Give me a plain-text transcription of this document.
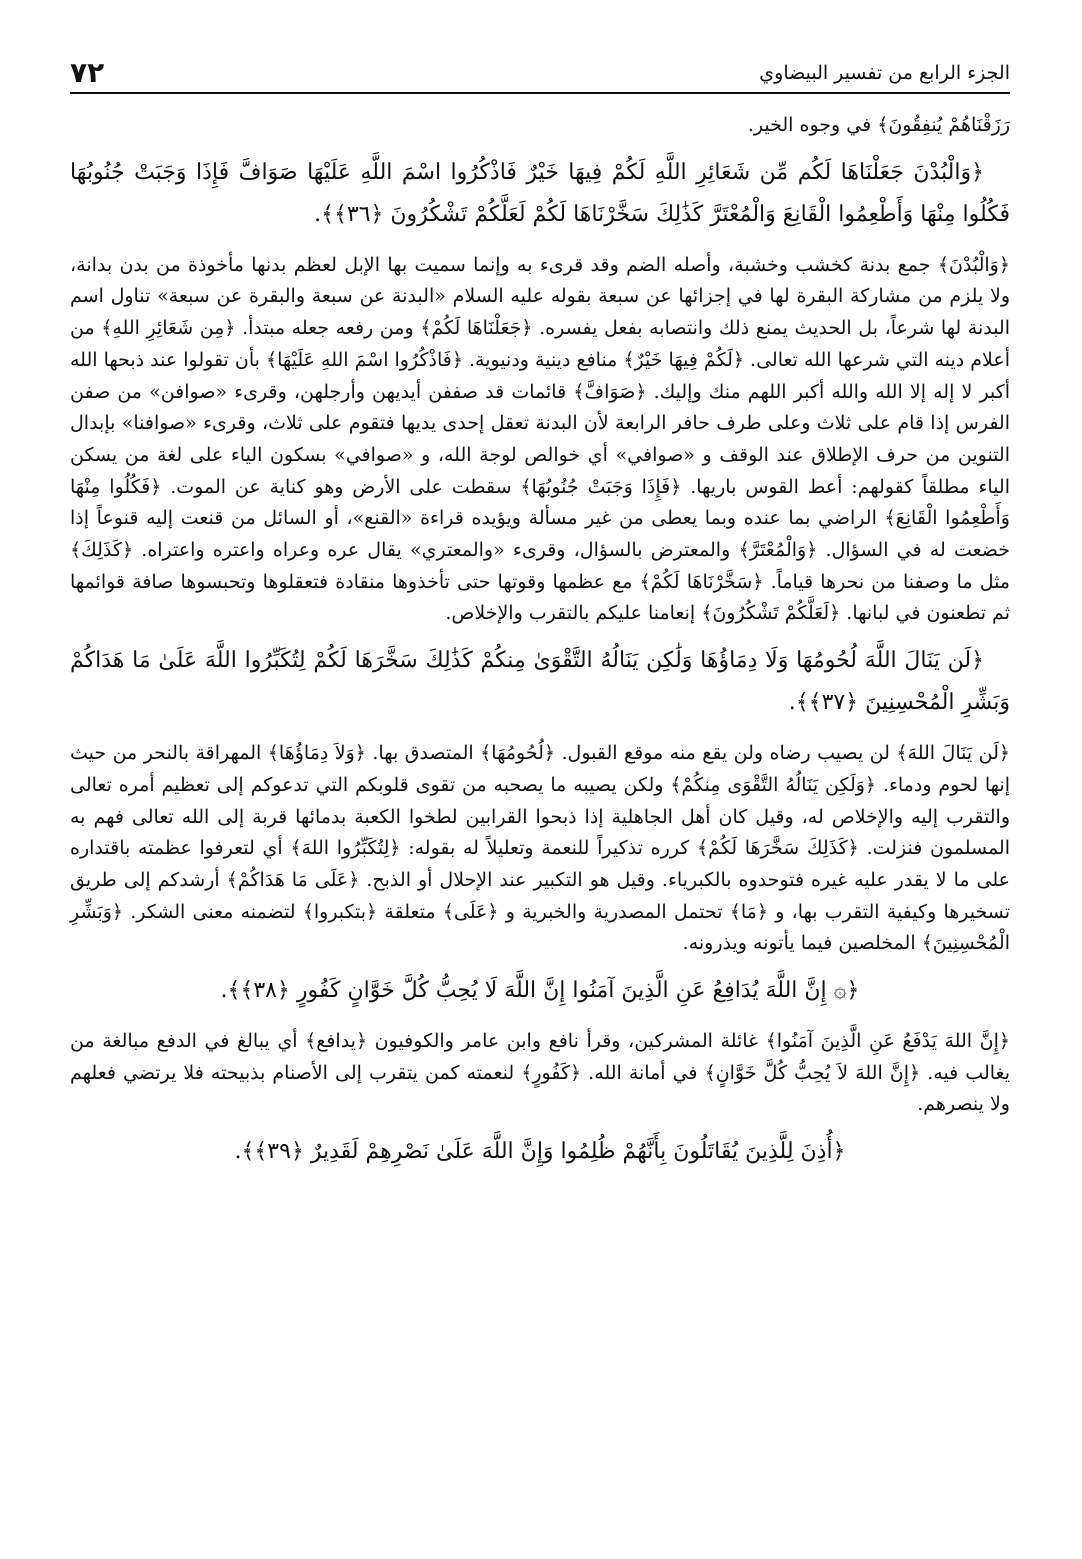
الجزء الرابع من تفسير البيضاوي
٧٢

رَزَقْنَاهُمْ يُنفِقُونَ﴾ في وجوه الخير.

﴿وَالْبُدْنَ جَعَلْنَاهَا لَكُم مِّن شَعَائِرِ اللَّهِ لَكُمْ فِيهَا خَيْرٌ فَاذْكُرُوا اسْمَ اللَّهِ عَلَيْهَا صَوَافَّ فَإِذَا وَجَبَتْ جُنُوبُهَا فَكُلُوا مِنْهَا وَأَطْعِمُوا الْقَانِعَ وَالْمُعْتَرَّ كَذَٰلِكَ سَخَّرْنَاهَا لَكُمْ لَعَلَّكُمْ تَشْكُرُونَ ﴿٣٦﴾﴾.

﴿وَالْبُدْنَ﴾ جمع بدنة كخشب وخشبة، وأصله الضم وقد قرىء به وإنما سميت بها الإبل لعظم بدنها مأخوذة من بدن بدانة، ولا يلزم من مشاركة البقرة لها في إجزائها عن سبعة بقوله عليه السلام «البدنة عن سبعة والبقرة عن سبعة» تناول اسم البدنة لها شرعاً، بل الحديث يمنع ذلك وانتصابه بفعل يفسره. ﴿جَعَلْنَاهَا لَكُمْ﴾ ومن رفعه جعله مبتدأ. ﴿مِن شَعَائِرِ اللهِ﴾ من أعلام دينه التي شرعها الله تعالى. ﴿لَكُمْ فِيهَا خَيْرٌ﴾ منافع دينية ودنيوية. ﴿فَاذْكُرُوا اسْمَ اللهِ عَلَيْهَا﴾ بأن تقولوا عند ذبحها الله أكبر لا إله إلا الله والله أكبر اللهم منك وإليك. ﴿صَوَافَّ﴾ قائمات قد صففن أيديهن وأرجلهن، وقرىء «صوافن» من صفن الفرس إذا قام على ثلاث وعلى طرف حافر الرابعة لأن البدنة تعقل إحدى يديها فتقوم على ثلاث، وقرىء «صوافنا» بإبدال التنوين من حرف الإطلاق عند الوقف و «صوافي» أي خوالص لوجة الله، و «صوافي» بسكون الياء على لغة من يسكن الياء مطلقاً كقولهم: أعط القوس باريها. ﴿فَإِذَا وَجَبَتْ جُنُوبُهَا﴾ سقطت على الأرض وهو كناية عن الموت. ﴿فَكُلُوا مِنْهَا وَأَطْعِمُوا الْقَانِعَ﴾ الراضي بما عنده وبما يعطى من غير مسألة ويؤيده قراءة «القنع»، أو السائل من قنعت إليه قنوعاً إذا خضعت له في السؤال. ﴿وَالْمُعْتَرَّ﴾ والمعترض بالسؤال، وقرىء «والمعتري» يقال عره وعراه واعتره واعتراه. ﴿كَذَلِكَ﴾ مثل ما وصفنا من نحرها قياماً. ﴿سَخَّرْنَاهَا لَكُمْ﴾ مع عظمها وقوتها حتى تأخذوها منقادة فتعقلوها وتحبسوها صافة قوائمها ثم تطعنون في لبانها. ﴿لَعَلَّكُمْ تَشْكُرُونَ﴾ إنعامنا عليكم بالتقرب والإخلاص.

﴿لَن يَنَالَ اللَّهَ لُحُومُهَا وَلَا دِمَاؤُهَا وَلَٰكِن يَنَالُهُ التَّقْوَىٰ مِنكُمْ كَذَٰلِكَ سَخَّرَهَا لَكُمْ لِتُكَبِّرُوا اللَّهَ عَلَىٰ مَا هَدَاكُمْ وَبَشِّرِ الْمُحْسِنِينَ ﴿٣٧﴾﴾.

﴿لَن يَنَالَ اللهَ﴾ لن يصيب رضاه ولن يقع منه موقع القبول. ﴿لُحُومُهَا﴾ المتصدق بها. ﴿وَلاَ دِمَاؤُهَا﴾ المهراقة بالنحر من حيث إنها لحوم ودماء. ﴿وَلَكِن يَنَالُهُ التَّقْوَى مِنكُمْ﴾ ولكن يصيبه ما يصحبه من تقوى قلوبكم التي تدعوكم إلى تعظيم أمره تعالى والتقرب إليه والإخلاص له، وقيل كان أهل الجاهلية إذا ذبحوا القرابين لطخوا الكعبة بدمائها قربة إلى الله تعالى فهم به المسلمون فنزلت. ﴿كَذَلِكَ سَخَّرَهَا لَكُمْ﴾ كرره تذكيراً للنعمة وتعليلاً له بقوله: ﴿لِتُكَبِّرُوا اللهَ﴾ أي لتعرفوا عظمته باقتداره على ما لا يقدر عليه غيره فتوحدوه بالكبرياء. وقيل هو التكبير عند الإحلال أو الذبح. ﴿عَلَى مَا هَدَاكُمْ﴾ أرشدكم إلى طريق تسخيرها وكيفية التقرب بها، و ﴿مَا﴾ تحتمل المصدرية والخبرية و ﴿عَلَى﴾ متعلقة ﴿بتكبروا﴾ لتضمنه معنى الشكر. ﴿وَبَشِّرِ الْمُحْسِنِينَ﴾ المخلصين فيما يأتونه ويذرونه.

﴿۞ إِنَّ اللَّهَ يُدَافِعُ عَنِ الَّذِينَ آمَنُوا إِنَّ اللَّهَ لَا يُحِبُّ كُلَّ خَوَّانٍ كَفُورٍ ﴿٣٨﴾﴾.

﴿إِنَّ اللهَ يَدْفَعُ عَنِ الَّذِينَ آمَنُوا﴾ غائلة المشركين، وقرأ نافع وابن عامر والكوفيون ﴿يدافع﴾ أي يبالغ في الدفع مبالغة من يغالب فيه. ﴿إِنَّ اللهَ لاَ يُحِبُّ كُلَّ خَوَّانٍ﴾ في أمانة الله. ﴿كَفُورٍ﴾ لنعمته كمن يتقرب إلى الأصنام بذبيحته فلا يرتضي فعلهم ولا ينصرهم.

﴿أُذِنَ لِلَّذِينَ يُقَاتَلُونَ بِأَنَّهُمْ ظُلِمُوا وَإِنَّ اللَّهَ عَلَىٰ نَصْرِهِمْ لَقَدِيرٌ ﴿٣٩﴾﴾.
